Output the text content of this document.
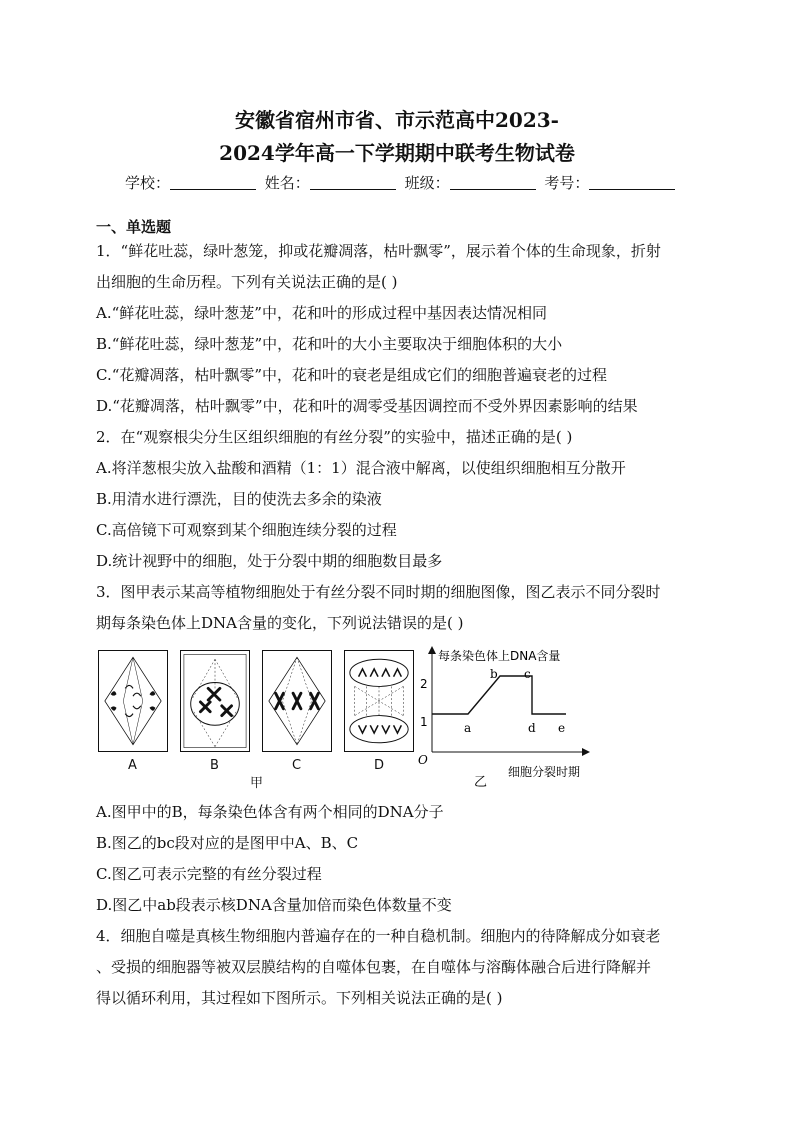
安徽省宿州市省、市示范高中2023-
2024学年高一下学期期中联考生物试卷
学校：	姓名：	班级：	考号：
一、单选题
1．“鲜花吐蕊，绿叶葱笼，抑或花瓣凋落，枯叶飘零”，展示着个体的生命现象，折射
出细胞的生命历程。下列有关说法正确的是( )
A.“鲜花吐蕊，绿叶葱茏”中，花和叶的形成过程中基因表达情况相同
B.“鲜花吐蕊，绿叶葱茏”中，花和叶的大小主要取决于细胞体积的大小
C.“花瓣凋落，枯叶飘零”中，花和叶的衰老是组成它们的细胞普遍衰老的过程
D.“花瓣凋落，枯叶飘零”中，花和叶的凋零受基因调控而不受外界因素影响的结果
2．在“观察根尖分生区组织细胞的有丝分裂”的实验中，描述正确的是( )
A.将洋葱根尖放入盐酸和酒精（1：1）混合液中解离，以使组织细胞相互分散开
B.用清水进行漂洗，目的使洗去多余的染液
C.高倍镜下可观察到某个细胞连续分裂的过程
D.统计视野中的细胞，处于分裂中期的细胞数目最多
3．图甲表示某高等植物细胞处于有丝分裂不同时期的细胞图像，图乙表示不同分裂时
期每条染色体上DNA含量的变化，下列说法错误的是( )
A	B	C	D
甲
每条染色体上DNA含量
细胞分裂时期
O
乙
1
2
a
b c
d e
A.图甲中的B，每条染色体含有两个相同的DNA分子
B.图乙的bc段对应的是图甲中A、B、C
C.图乙可表示完整的有丝分裂过程
D.图乙中ab段表示核DNA含量加倍而染色体数量不变
4．细胞自噬是真核生物细胞内普遍存在的一种自稳机制。细胞内的待降解成分如衰老
、受损的细胞器等被双层膜结构的自噬体包裹，在自噬体与溶酶体融合后进行降解并
得以循环利用，其过程如下图所示。下列相关说法正确的是( )
